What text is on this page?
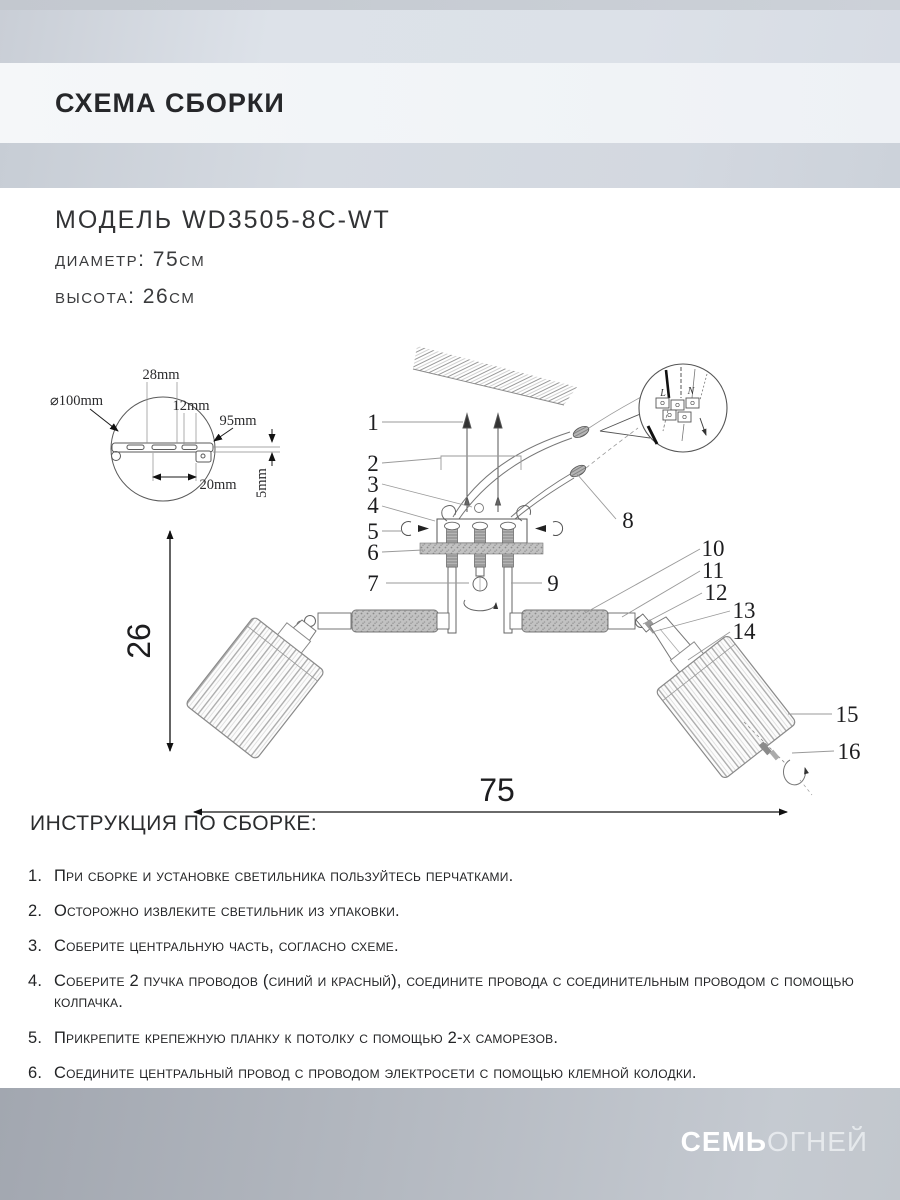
СХЕМА СБОРКИ
МОДЕЛЬ WD3505-8C-WT
диаметр: 75см
высота: 26см
⌀100mm
28mm
12mm
95mm
20mm 5mm
L N
1
2
3
4
5
6
7
8
9
10
11
12
13
14
15
16
26
75
ИНСТРУКЦИЯ ПО СБОРКЕ:
1. При сборке и установке светильника пользуйтесь перчатками.
2. Осторожно извлеките светильник из упаковки.
3. Соберите центральную часть, согласно схеме.
4. Соберите 2 пучка проводов (синий и красный), соедините провода с соединительным проводом с помощью колпачка.
5. Прикрепите крепежную планку к потолку с помощью 2-х саморезов.
6. Соедините центральный провод с проводом электросети с помощью клемной колодки.
СЕМЬОГНЕЙ
